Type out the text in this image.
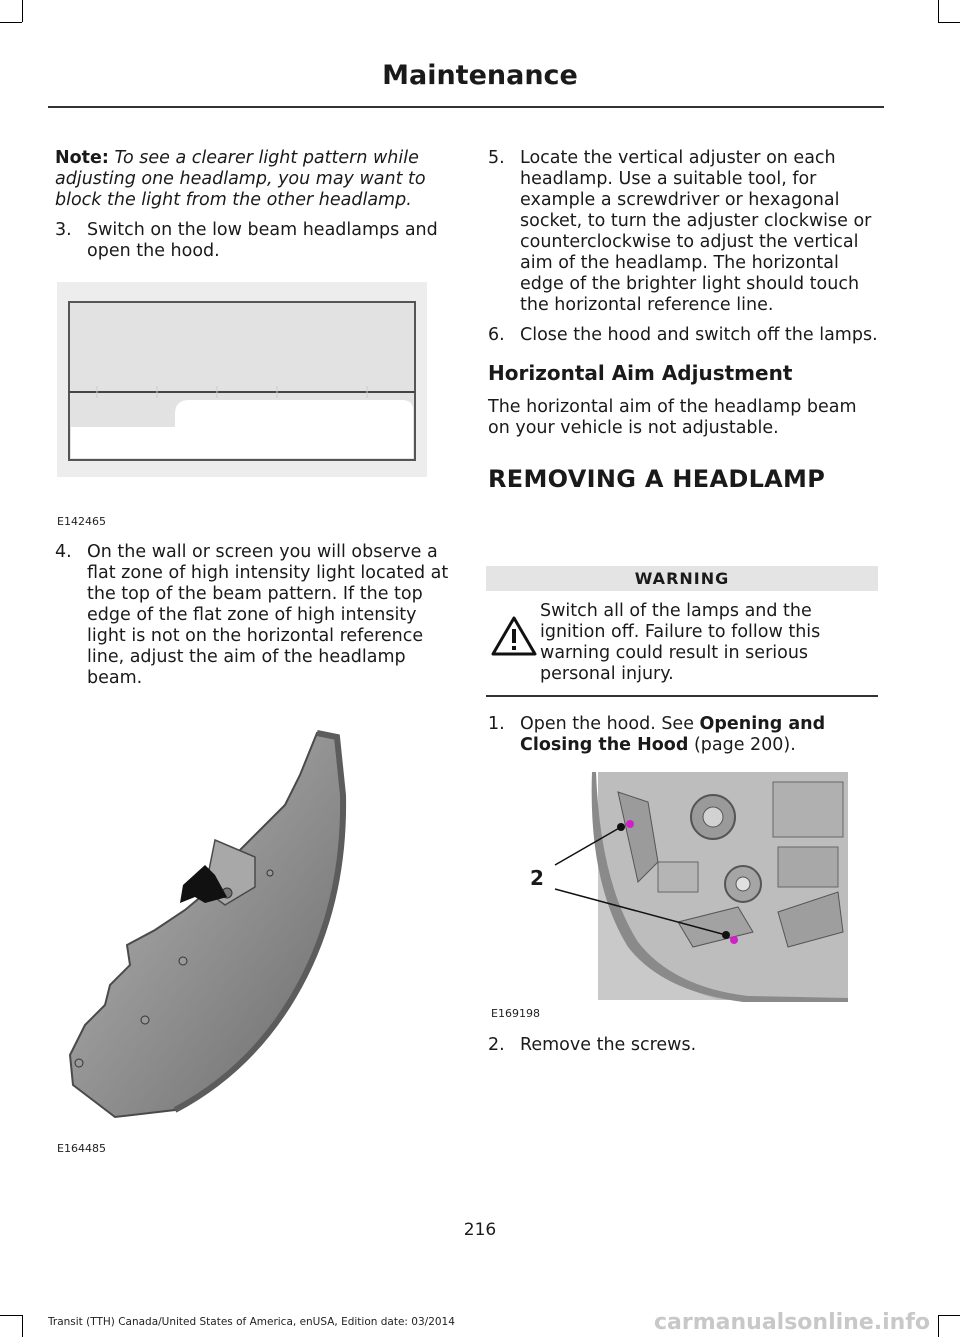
Maintenance
Note: To see a clearer light pattern while adjusting one headlamp, you may want to block the light from the other headlamp.
3. Switch on the low beam headlamps and open the hood.
E142465
4. On the wall or screen you will observe a flat zone of high intensity light located at the top of the beam pattern. If the top edge of the flat zone of high intensity light is not on the horizontal reference line, adjust the aim of the headlamp beam.
E164485
5. Locate the vertical adjuster on each headlamp. Use a suitable tool, for example a screwdriver or hexagonal socket, to turn the adjuster clockwise or counterclockwise to adjust the vertical aim of the headlamp. The horizontal edge of the brighter light should touch the horizontal reference line.
6. Close the hood and switch off the lamps.
Horizontal Aim Adjustment
The horizontal aim of the headlamp beam on your vehicle is not adjustable.
REMOVING A HEADLAMP
WARNING
Switch all of the lamps and the ignition off. Failure to follow this warning could result in serious personal injury.
1. Open the hood. See Opening and Closing the Hood (page 200).
2
E169198
2. Remove the screws.
216
Transit (TTH) Canada/United States of America, enUSA, Edition date: 03/2014	carmanualsonline.info
